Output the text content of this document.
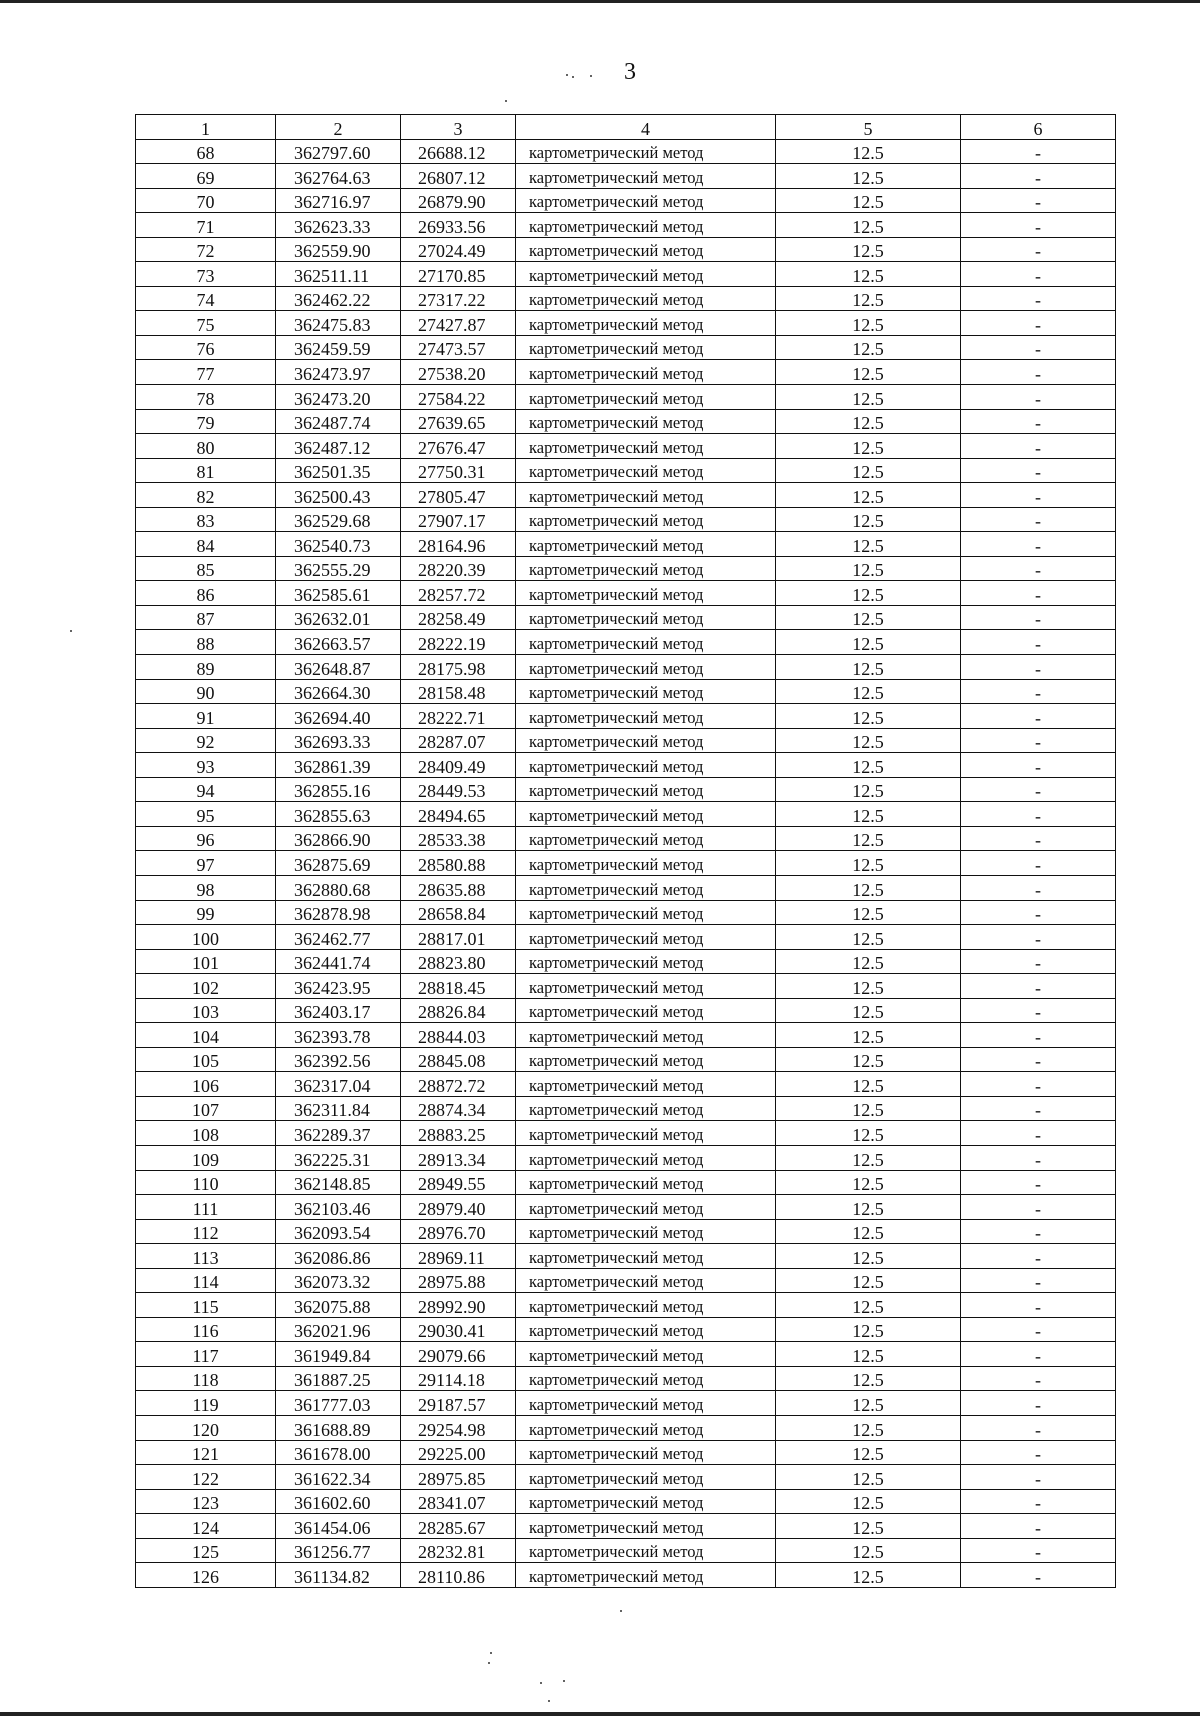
3
1	2	3	4	5	6
68	362797.60	26688.12	картометрический метод	12.5	-
69	362764.63	26807.12	картометрический метод	12.5	-
70	362716.97	26879.90	картометрический метод	12.5	-
71	362623.33	26933.56	картометрический метод	12.5	-
72	362559.90	27024.49	картометрический метод	12.5	-
73	362511.11	27170.85	картометрический метод	12.5	-
74	362462.22	27317.22	картометрический метод	12.5	-
75	362475.83	27427.87	картометрический метод	12.5	-
76	362459.59	27473.57	картометрический метод	12.5	-
77	362473.97	27538.20	картометрический метод	12.5	-
78	362473.20	27584.22	картометрический метод	12.5	-
79	362487.74	27639.65	картометрический метод	12.5	-
80	362487.12	27676.47	картометрический метод	12.5	-
81	362501.35	27750.31	картометрический метод	12.5	-
82	362500.43	27805.47	картометрический метод	12.5	-
83	362529.68	27907.17	картометрический метод	12.5	-
84	362540.73	28164.96	картометрический метод	12.5	-
85	362555.29	28220.39	картометрический метод	12.5	-
86	362585.61	28257.72	картометрический метод	12.5	-
87	362632.01	28258.49	картометрический метод	12.5	-
88	362663.57	28222.19	картометрический метод	12.5	-
89	362648.87	28175.98	картометрический метод	12.5	-
90	362664.30	28158.48	картометрический метод	12.5	-
91	362694.40	28222.71	картометрический метод	12.5	-
92	362693.33	28287.07	картометрический метод	12.5	-
93	362861.39	28409.49	картометрический метод	12.5	-
94	362855.16	28449.53	картометрический метод	12.5	-
95	362855.63	28494.65	картометрический метод	12.5	-
96	362866.90	28533.38	картометрический метод	12.5	-
97	362875.69	28580.88	картометрический метод	12.5	-
98	362880.68	28635.88	картометрический метод	12.5	-
99	362878.98	28658.84	картометрический метод	12.5	-
100	362462.77	28817.01	картометрический метод	12.5	-
101	362441.74	28823.80	картометрический метод	12.5	-
102	362423.95	28818.45	картометрический метод	12.5	-
103	362403.17	28826.84	картометрический метод	12.5	-
104	362393.78	28844.03	картометрический метод	12.5	-
105	362392.56	28845.08	картометрический метод	12.5	-
106	362317.04	28872.72	картометрический метод	12.5	-
107	362311.84	28874.34	картометрический метод	12.5	-
108	362289.37	28883.25	картометрический метод	12.5	-
109	362225.31	28913.34	картометрический метод	12.5	-
110	362148.85	28949.55	картометрический метод	12.5	-
111	362103.46	28979.40	картометрический метод	12.5	-
112	362093.54	28976.70	картометрический метод	12.5	-
113	362086.86	28969.11	картометрический метод	12.5	-
114	362073.32	28975.88	картометрический метод	12.5	-
115	362075.88	28992.90	картометрический метод	12.5	-
116	362021.96	29030.41	картометрический метод	12.5	-
117	361949.84	29079.66	картометрический метод	12.5	-
118	361887.25	29114.18	картометрический метод	12.5	-
119	361777.03	29187.57	картометрический метод	12.5	-
120	361688.89	29254.98	картометрический метод	12.5	-
121	361678.00	29225.00	картометрический метод	12.5	-
122	361622.34	28975.85	картометрический метод	12.5	-
123	361602.60	28341.07	картометрический метод	12.5	-
124	361454.06	28285.67	картометрический метод	12.5	-
125	361256.77	28232.81	картометрический метод	12.5	-
126	361134.82	28110.86	картометрический метод	12.5	-
